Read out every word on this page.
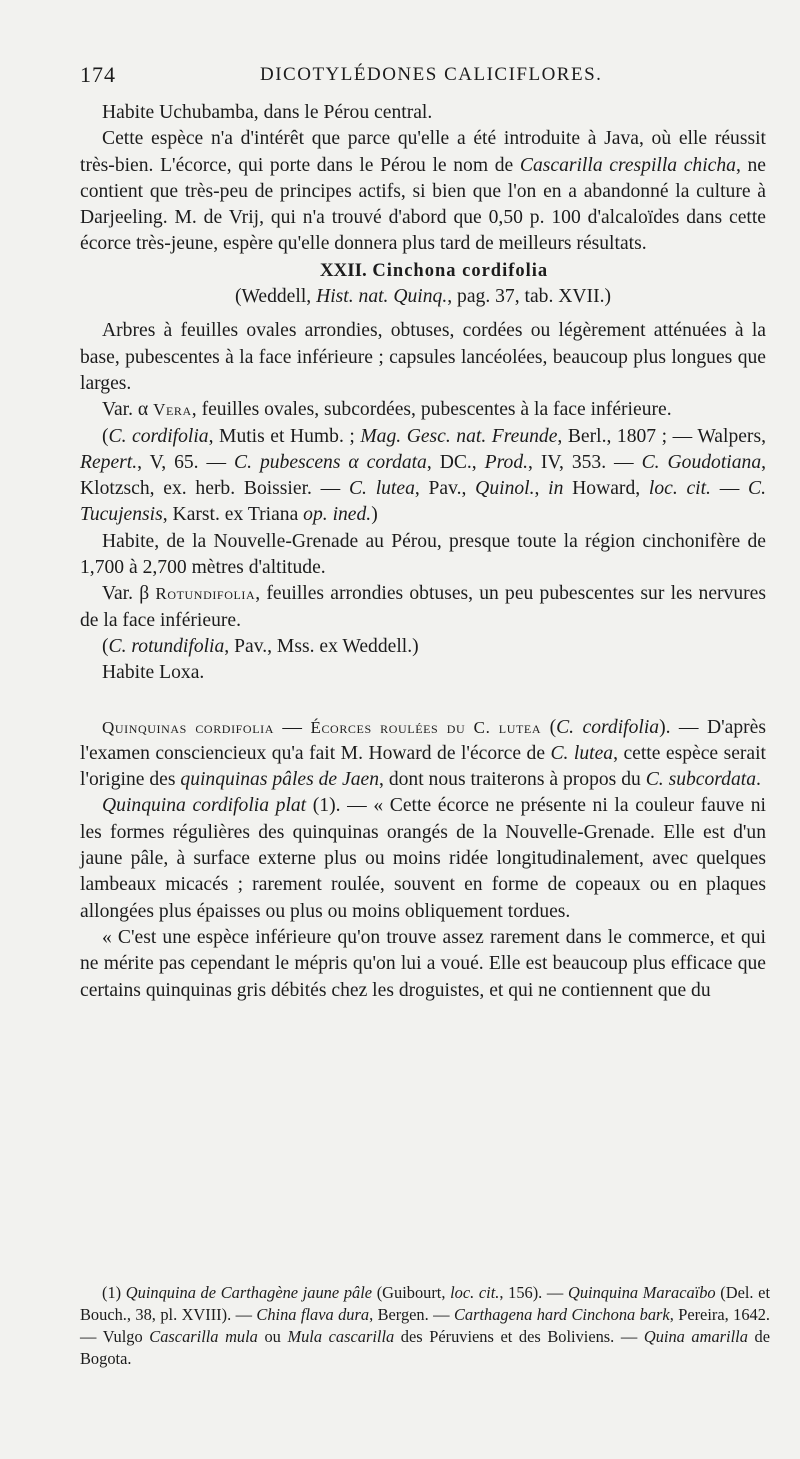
174	DICOTYLÉDONES CALICIFLORES.

Habite Uchubamba, dans le Pérou central.

Cette espèce n'a d'intérêt que parce qu'elle a été introduite à Java, où elle réussit très-bien. L'écorce, qui porte dans le Pérou le nom de Cascarilla crespilla chicha, ne contient que très-peu de principes actifs, si bien que l'on en a abandonné la culture à Darjeeling. M. de Vrij, qui n'a trouvé d'abord que 0,50 p. 100 d'alcaloïdes dans cette écorce très-jeune, espère qu'elle donnera plus tard de meilleurs résultats.

XXII. Cinchona cordifolia

(Weddell, Hist. nat. Quinq., pag. 37, tab. XVII.)

Arbres à feuilles ovales arrondies, obtuses, cordées ou légèrement atténuées à la base, pubescentes à la face inférieure ; capsules lancéolées, beaucoup plus longues que larges.

Var. α Vera, feuilles ovales, subcordées, pubescentes à la face inférieure.

(C. cordifolia, Mutis et Humb. ; Mag. Gesc. nat. Freunde, Berl., 1807 ; — Walpers, Repert., V, 65. — C. pubescens α cordata, DC., Prod., IV, 353. — C. Goudotiana, Klotzsch, ex. herb. Boissier. — C. lutea, Pav., Quinol., in Howard, loc. cit. — C. Tucujensis, Karst. ex Triana op. ined.)

Habite, de la Nouvelle-Grenade au Pérou, presque toute la région cinchonifère de 1,700 à 2,700 mètres d'altitude.

Var. β Rotundifolia, feuilles arrondies obtuses, un peu pubescentes sur les nervures de la face inférieure.

(C. rotundifolia, Pav., Mss. ex Weddell.)

Habite Loxa.

Quinquinas cordifolia — Écorces roulées du C. lutea (C. cordifolia). — D'après l'examen consciencieux qu'a fait M. Howard de l'écorce de C. lutea, cette espèce serait l'origine des quinquinas pâles de Jaen, dont nous traiterons à propos du C. subcordata.

Quinquina cordifolia plat (1). — « Cette écorce ne présente ni la couleur fauve ni les formes régulières des quinquinas orangés de la Nouvelle-Grenade. Elle est d'un jaune pâle, à surface externe plus ou moins ridée longitudinalement, avec quelques lambeaux micacés ; rarement roulée, souvent en forme de copeaux ou en plaques allongées plus épaisses ou plus ou moins obliquement tordues.

« C'est une espèce inférieure qu'on trouve assez rarement dans le commerce, et qui ne mérite pas cependant le mépris qu'on lui a voué. Elle est beaucoup plus efficace que certains quinquinas gris débités chez les droguistes, et qui ne contiennent que du

(1) Quinquina de Carthagène jaune pâle (Guibourt, loc. cit., 156). — Quinquina Maracaïbo (Del. et Bouch., 38, pl. XVIII). — China flava dura, Bergen. — Carthagena hard Cinchona bark, Pereira, 1642. — Vulgo Cascarilla mula ou Mula cascarilla des Péruviens et des Boliviens. — Quina amarilla de Bogota.
